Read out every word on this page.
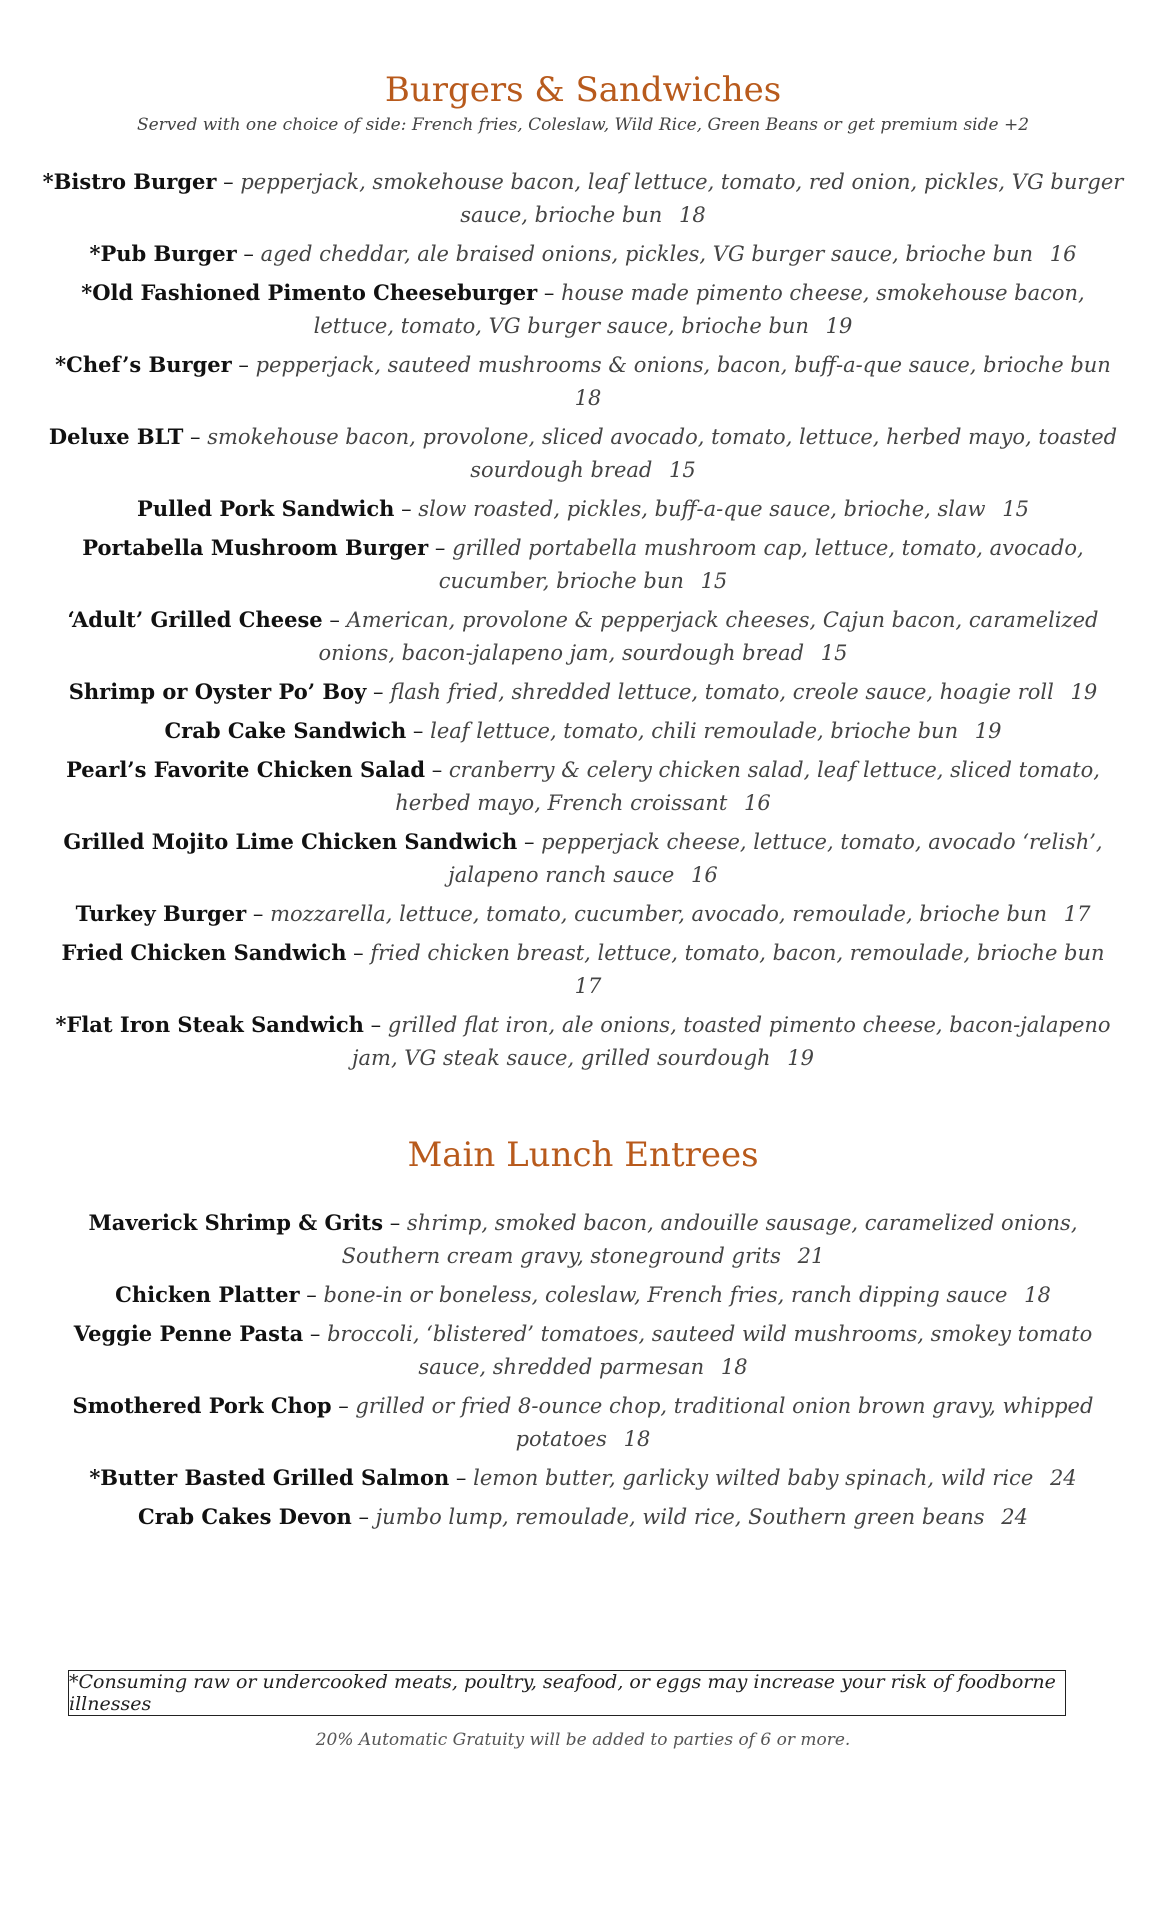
Burgers & Sandwiches

Served with one choice of side: French fries, Coleslaw, Wild Rice, Green Beans or get premium side +2

*Bistro Burger – pepperjack, smokehouse bacon, leaf lettuce, tomato, red onion, pickles, VG burger sauce, brioche bun 18

*Pub Burger – aged cheddar, ale braised onions, pickles, VG burger sauce, brioche bun 16

*Old Fashioned Pimento Cheeseburger – house made pimento cheese, smokehouse bacon, lettuce, tomato, VG burger sauce, brioche bun 19

*Chef’s Burger – pepperjack, sauteed mushrooms & onions, bacon, buff-a-que sauce, brioche bun 18

Deluxe BLT – smokehouse bacon, provolone, sliced avocado, tomato, lettuce, herbed mayo, toasted sourdough bread 15

Pulled Pork Sandwich – slow roasted, pickles, buff-a-que sauce, brioche, slaw 15

Portabella Mushroom Burger – grilled portabella mushroom cap, lettuce, tomato, avocado, cucumber, brioche bun 15

‘Adult’ Grilled Cheese – American, provolone & pepperjack cheeses, Cajun bacon, caramelized onions, bacon-jalapeno jam, sourdough bread 15

Shrimp or Oyster Po’ Boy – flash fried, shredded lettuce, tomato, creole sauce, hoagie roll 19

Crab Cake Sandwich – leaf lettuce, tomato, chili remoulade, brioche bun 19

Pearl’s Favorite Chicken Salad – cranberry & celery chicken salad, leaf lettuce, sliced tomato, herbed mayo, French croissant 16

Grilled Mojito Lime Chicken Sandwich – pepperjack cheese, lettuce, tomato, avocado ‘relish’, jalapeno ranch sauce 16

Turkey Burger – mozzarella, lettuce, tomato, cucumber, avocado, remoulade, brioche bun 17

Fried Chicken Sandwich – fried chicken breast, lettuce, tomato, bacon, remoulade, brioche bun 17

*Flat Iron Steak Sandwich – grilled flat iron, ale onions, toasted pimento cheese, bacon-jalapeno jam, VG steak sauce, grilled sourdough 19

Main Lunch Entrees

Maverick Shrimp & Grits – shrimp, smoked bacon, andouille sausage, caramelized onions, Southern cream gravy, stoneground grits 21

Chicken Platter – bone-in or boneless, coleslaw, French fries, ranch dipping sauce 18

Veggie Penne Pasta – broccoli, ‘blistered’ tomatoes, sauteed wild mushrooms, smokey tomato sauce, shredded parmesan 18

Smothered Pork Chop – grilled or fried 8-ounce chop, traditional onion brown gravy, whipped potatoes 18

*Butter Basted Grilled Salmon – lemon butter, garlicky wilted baby spinach, wild rice 24

Crab Cakes Devon – jumbo lump, remoulade, wild rice, Southern green beans 24

*Consuming raw or undercooked meats, poultry, seafood, or eggs may increase your risk of foodborne illnesses
20% Automatic Gratuity will be added to parties of 6 or more.
